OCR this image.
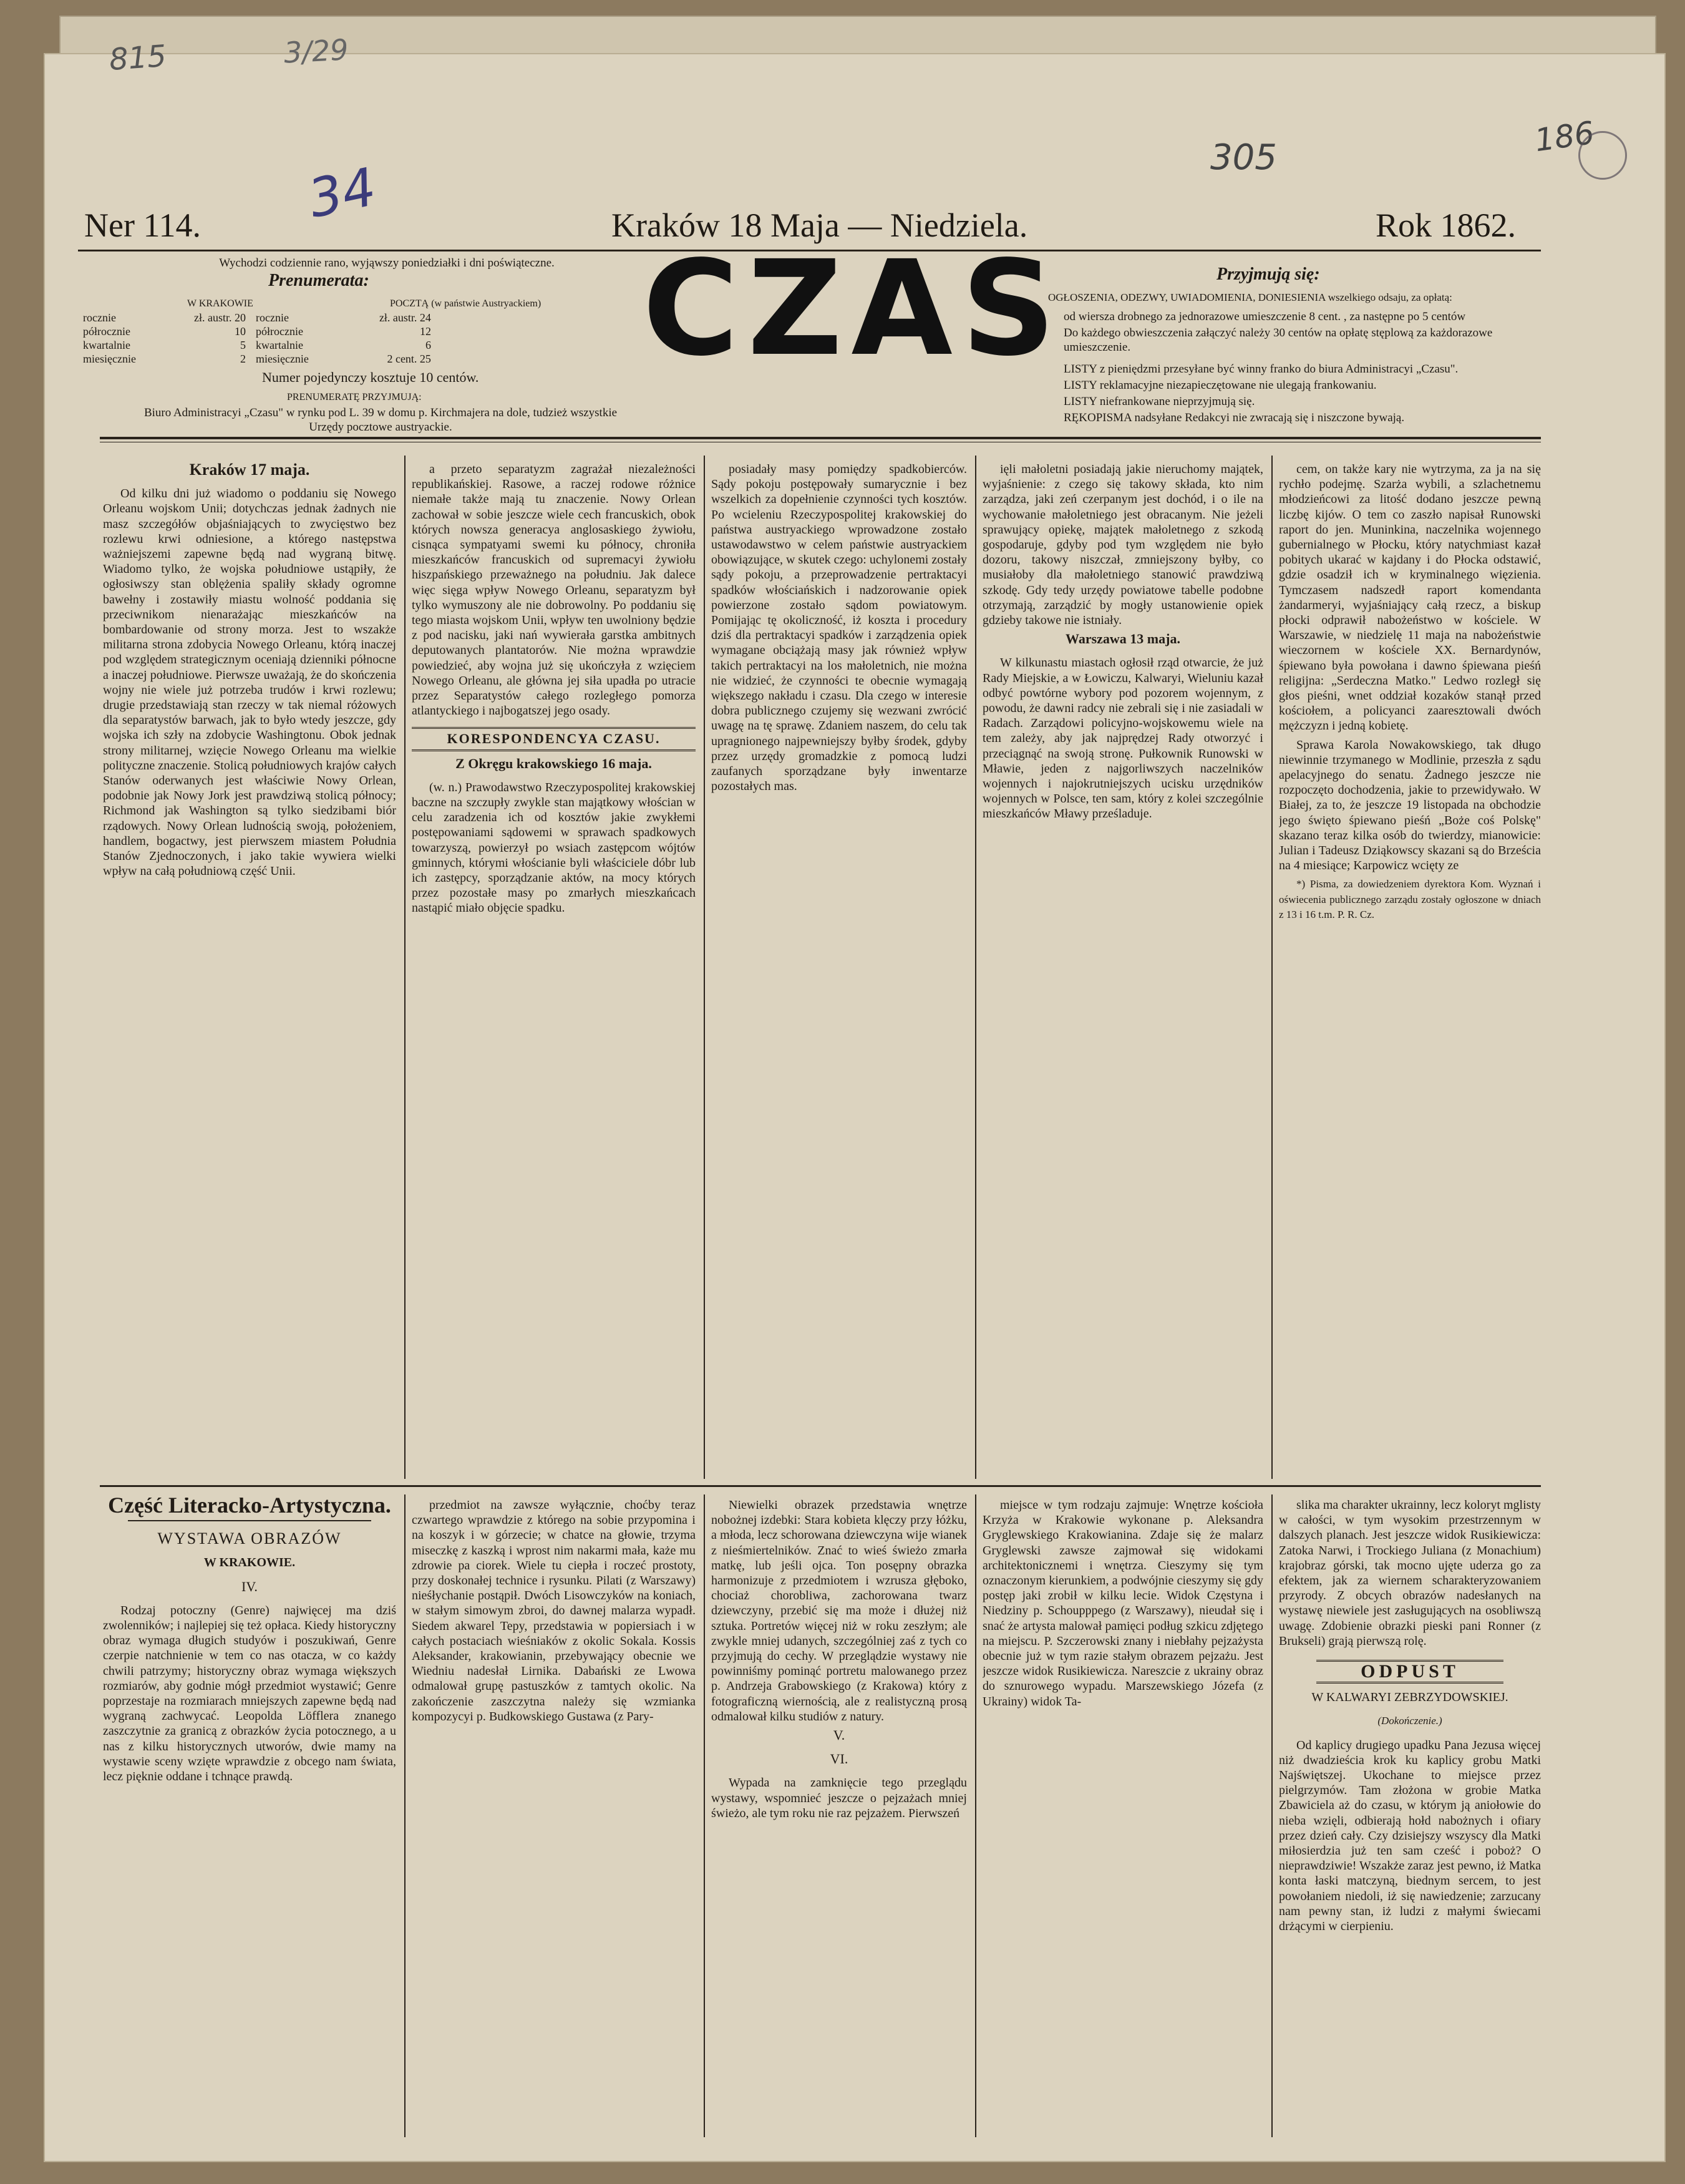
815	3/29
34	305	186
Ner 114.	Kraków 18 Maja — Niedziela.	Rok 1862.
CZAS
Wychodzi codziennie rano, wyjąwszy poniedziałki i dni poświąteczne.
Prenumerata:
W KRAKOWIE	POCZTĄ (w państwie Austryackiem)
rocznie	zł. austr. 20	rocznie	zł. austr. 24
półrocznie	10	półrocznie	12
kwartalnie	5	kwartalnie	6
miesięcznie	2	miesięcznie	2 cent. 25
Numer pojedynczy kosztuje 10 centów.
PRENUMERATĘ PRZYJMUJĄ:
Biuro Administracyi „Czasu" w rynku pod L. 39 w domu p. Kirchmajera na dole, tudzież wszystkie Urzędy pocztowe austryackie.
Przyjmują się:
OGŁOSZENIA, ODEZWY, UWIADOMIENIA, DONIESIENIA wszelkiego odsaju, za opłatą:
od wiersza drobnego za jednorazowe umieszczenie 8 cent. , za następne po 5 centów
Do każdego obwieszczenia załączyć należy 30 centów na opłatę stęplową za każdorazowe umieszczenie.
LISTY z pieniędzmi przesyłane być winny franko do biura Administracyi „Czasu".
LISTY reklamacyjne niezapieczętowane nie ulegają frankowaniu.
LISTY niefrankowane nieprzyjmują się.
RĘKOPISMA nadsyłane Redakcyi nie zwracają się i niszczone bywają.
Kraków 17 maja.

Od kilku dni już wiadomo o poddaniu się Nowego Orleanu wojskom Unii; dotychczas jednak żadnych nie masz szczegółów objaśniających to zwycięstwo bez rozlewu krwi odniesione, a którego następstwa ważniejszemi zapewne będą nad wygraną bitwę. Wiadomo tylko, że wojska południowe ustąpiły, że ogłosiwszy stan oblężenia spaliły składy ogromne bawełny i zostawiły miastu wolność poddania się przeciwnikom nienarażając mieszkańców na bombardowanie od strony morza. Jest to wszakże militarna strona zdobycia Nowego Orleanu, którą inaczej pod względem strategicznym oceniają dzienniki północne a inaczej południowe. Pierwsze uważają, że do skończenia wojny nie wiele już potrzeba trudów i krwi rozlewu; drugie przedstawiają stan rzeczy w tak niemal różowych dla separatystów barwach, jak to było wtedy jeszcze, gdy wojska ich szły na zdobycie Washingtonu. Obok jednak strony militarnej, wzięcie Nowego Orleanu ma wielkie polityczne znaczenie. Stolicą południowych krajów całych Stanów oderwanych jest właściwie Nowy Orlean, podobnie jak Nowy Jork jest prawdziwą stolicą północy; Richmond jak Washington są tylko siedzibami biór rządowych. Nowy Orlean ludnością swoją, położeniem, handlem, bogactwy, jest pierwszem miastem Południa Stanów Zjednoczonych, i jako takie wywiera wielki wpływ na całą południową część Unii.

a przeto separatyzm zagrażał niezależności republikańskiej. Rasowe, a raczej rodowe różnice niemałe także mają tu znaczenie. Nowy Orlean zachował w sobie jeszcze wiele cech francuskich, obok których nowsza generacya anglosaskiego żywiołu, cisnąca sympatyami swemi ku północy, chroniła mieszkańców francuskich od supremacyi żywiołu hiszpańskiego przeważnego na południu. Jak dalece więc sięga wpływ Nowego Orleanu, separatyzm był tylko wymuszony ale nie dobrowolny. Po poddaniu się tego miasta wojskom Unii, wpływ ten uwolniony będzie z pod nacisku, jaki nań wywierała garstka ambitnych deputowanych plantatorów. Nie można wprawdzie powiedzieć, aby wojna już się ukończyła z wzięciem Nowego Orleanu, ale główna jej siła upadła po utracie przez Separatystów całego rozległego pomorza atlantyckiego i najbogatszej jego osady.

KORESPONDENCYA CZASU.
Z Okręgu krakowskiego 16 maja.

(w. n.) Prawodawstwo Rzeczypospolitej krakowskiej baczne na szczupły zwykle stan majątkowy włościan w celu zaradzenia ich od kosztów jakie zwykłemi postępowaniami sądowemi w sprawach spadkowych towarzyszą, powierzył po wsiach zastępcom wójtów gminnych, którymi włościanie byli właściciele dóbr lub ich zastępcy, sporządzanie aktów, na mocy których przez pozostałe masy po zmarłych mieszkańcach nastąpić miało objęcie spadku.

posiadały masy pomiędzy spadkobierców. Sądy pokoju postępowały sumarycznie i bez wszelkich za dopełnienie czynności tych kosztów. Po wcieleniu Rzeczypospolitej krakowskiej do państwa austryackiego wprowadzone zostało ustawodawstwo w celem państwie austryackiem obowiązujące, w skutek czego: uchylonemi zostały sądy pokoju, a przeprowadzenie pertraktacyi spadków włościańskich i nadzorowanie opiek powierzone zostało sądom powiatowym. Pomijając tę okoliczność, iż koszta i procedury dziś dla pertraktacyi spadków i zarządzenia opiek wymagane obciążają masy jak również wpływ takich pertraktacyi na los małoletnich, nie można nie widzieć, że czynności te obecnie wymagają większego nakładu i czasu. Dla czego w interesie dobra publicznego czujemy się wezwani zwrócić uwagę na tę sprawę. Zdaniem naszem, do celu tak upragnionego najpewniejszy byłby środek, gdyby przez urzędy gromadzkie z pomocą ludzi zaufanych sporządzane były inwentarze pozostałych mas.

ięli małoletni posiadają jakie nieruchomy majątek, wyjaśnienie: z czego się takowy składa, kto nim zarządza, jaki zeń czerpanym jest dochód, i o ile na wychowanie małoletniego jest obracanym. Nie jeżeli sprawujący opiekę, majątek małoletnego z szkodą gospodaruje, gdyby pod tym względem nie było dozoru, takowy niszczał, zmniejszony byłby, co musiałoby dla małoletniego stanowić prawdziwą szkodę. Gdy tedy urzędy powiatowe tabelle podobne otrzymają, zarządzić by mogły ustanowienie opiek gdzieby takowe nie istniały.

Warszawa 13 maja.

W kilkunastu miastach ogłosił rząd otwarcie, że już Rady Miejskie, a w Łowiczu, Kalwaryi, Wieluniu kazał odbyć powtórne wybory pod pozorem wojennym, z powodu, że dawni radcy nie zebrali się i nie zasiadali w Radach. Zarządowi policyjno-wojskowemu wiele na tem zależy, aby jak najprędzej Rady otworzyć i przeciągnąć na swoją stronę. Pułkownik Runowski w Mławie, jeden z najgorliwszych naczelników wojennych i najokrutniejszych ucisku urzędników wojennych w Polsce, ten sam, który z kolei szczególnie mieszkańców Mławy prześladuje.

cem, on także kary nie wytrzyma, za ja na się rychło podejmę. Szarża wybili, a szlachetnemu młodzieńcowi za litość dodano jeszcze pewną liczbę kijów. O tem co zaszło napisał Runowski raport do jen. Muninkina, naczelnika wojennego gubernialnego w Płocku, który natychmiast kazał pobitych ukarać w kajdany i do Płocka odstawić, gdzie osadził ich w kryminalnego więzienia. Tymczasem nadszedł raport komendanta żandarmeryi, wyjaśniający całą rzecz, a biskup płocki odprawił nabożeństwo w kościele. W Warszawie, w niedzielę 11 maja na nabożeństwie wieczornem w kościele XX. Bernardynów, śpiewano była powołana i dawno śpiewana pieśń religijna: „Serdeczna Matko." Ledwo rozległ się głos pieśni, wnet oddział kozaków stanął przed kościołem, a policyanci zaaresztowali dwóch mężczyzn i jedną kobietę.

Sprawa Karola Nowakowskiego, tak długo niewinnie trzymanego w Modlinie, przeszła z sądu apelacyjnego do senatu. Żadnego jeszcze nie rozpoczęto dochodzenia, jakie to przewidywało. W Białej, za to, że jeszcze 19 listopada na obchodzie jego święto śpiewano pieśń „Boże coś Polskę" skazano teraz kilka osób do twierdzy, mianowicie: Julian i Tadeusz Dziąkowscy skazani są do Brześcia na 4 miesiące; Karpowicz wcięty ze

*) Pisma, za dowiedzeniem dyrektora Kom. Wyznań i oświecenia publicznego zarządu zostały ogłoszone w dniach z 13 i 16 t.m. P. R. Cz.

Część Literacko-Artystyczna.
WYSTAWA OBRAZÓW
W KRAKOWIE.
IV.

Rodzaj potoczny (Genre) najwięcej ma dziś zwolenników; i najlepiej się też opłaca. Kiedy historyczny obraz wymaga długich studyów i poszukiwań, Genre czerpie natchnienie w tem co nas otacza, w co każdy chwili patrzymy; historyczny obraz wymaga większych rozmiarów, aby godnie mógł przedmiot wystawić; Genre poprzestaje na rozmiarach mniejszych zapewne będą nad wygraną zachwycać. Leopolda Löfflera znanego zaszczytnie za granicą z obrazków życia potocznego, a u nas z kilku historycznych utworów, dwie mamy na wystawie sceny wzięte wprawdzie z obcego nam świata, lecz pięknie oddane i tchnące prawdą.

przedmiot na zawsze wyłącznie, choćby teraz czwartego wprawdzie z którego na sobie przypomina i na koszyk i w górzecie; w chatce na głowie, trzyma miseczkę z kaszką i wprost nim nakarmi mała, każe mu zdrowie pa ciorek. Wiele tu ciepła i roczeć prostoty, przy doskonałej technice i rysunku. Pilati (z Warszawy) nieśłychanie postąpił. Dwóch Lisowczyków na koniach, w stałym simowym zbroi, do dawnej malarza wypadł. Siedem akwarel Tepy, przedstawia w popiersiach i w całych postaciach wieśniaków z okolic Sokala. Kossis Aleksander, krakowianin, przebywający obecnie we Wiedniu nadesłał Lirnika. Dabański ze Lwowa odmalował grupę pastuszków z tamtych okolic. Na zakończenie zaszczytna należy się wzmianka kompozycyi p. Budkowskiego Gustawa (z Pary-

Niewielki obrazek przedstawia wnętrze nobożnej izdebki: Stara kobieta klęczy przy łóżku, a młoda, lecz schorowana dziewczyna wije wianek z nieśmiertelników. Znać to wieś świeżo zmarła matkę, lub jeśli ojca. Ton posępny obrazka harmonizuje z przedmiotem i wzrusza głęboko, chociaż chorobliwa, zachorowana twarz dziewczyny, przebić się ma może i dłużej niż sztuka. Portretów więcej niż w roku zeszłym; ale zwykle mniej udanych, szczególniej zaś z tych co przyjmują do cechy. W przeglądzie wystawy nie powinniśmy pominąć portretu malowanego przez p. Andrzeja Grabowskiego (z Krakowa) który z fotograficzną wiernością, ale z realistyczną prosą odmalował kilku studiów z natury.

V.
VI.

Wypada na zamknięcie tego przeglądu wystawy, wspomnieć jeszcze o pejzażach mniej świeżo, ale tym roku nie raz pejzażem. Pierwszeń

miejsce w tym rodzaju zajmuje: Wnętrze kościoła Krzyża w Krakowie wykonane p. Aleksandra Gryglewskiego Krakowianina. Zdaje się że malarz Gryglewski zawsze zajmował się widokami architektonicznemi i wnętrza. Cieszymy się tym oznaczonym kierunkiem, a podwójnie cieszymy się gdy postęp jaki zrobił w kilku lecie. Widok Częstyna i Niedziny p. Schoupppego (z Warszawy), nieudał się i snać że artysta malował pamięci podług szkicu zdjętego na miejscu. P. Szczerowski znany i niebłahy pejzażysta obecnie już w tym razie stałym obrazem pejzażu. Jest jeszcze widok Rusikiewicza. Nareszcie z ukrainy obraz do sznurowego wypadu. Marszewskiego Józefa (z Ukrainy) widok Ta-

slika ma charakter ukrainny, lecz koloryt mglisty w całości, w tym wysokim przestrzennym w dalszych planach. Jest jeszcze widok Rusikiewicza: Zatoka Narwi, i Trockiego Juliana (z Monachium) krajobraz górski, tak mocno ujęte uderza go za efektem, jak za wiernem scharakteryzowaniem przyrody. Z obcych obrazów nadesłanych na wystawę niewiele jest zasługujących na osobliwszą uwagę. Zdobienie obrazki pieski pani Ronner (z Brukseli) grają pierwszą rolę.

ODPUST
W KALWARYI ZEBRZYDOWSKIEJ.
(Dokończenie.)

Od kaplicy drugiego upadku Pana Jezusa więcej niż dwadzieścia krok ku kaplicy grobu Matki Najświętszej. Ukochane to miejsce przez pielgrzymów. Tam złożona w grobie Matka Zbawiciela aż do czasu, w którym ją aniołowie do nieba wzięli, odbierają hołd nabożnych i ofiary przez dzień cały. Czy dzisiejszy wszyscy dla Matki miłosierdzia już ten sam cześć i poboż? O nieprawdziwie! Wszakże zaraz jest pewno, iż Matka konta łaski matczyną, biednym sercem, to jest powołaniem niedoli, iż się nawiedzenie; zarzucany nam pewny stan, iż ludzi z małymi świecami drżącymi w cierpieniu.
